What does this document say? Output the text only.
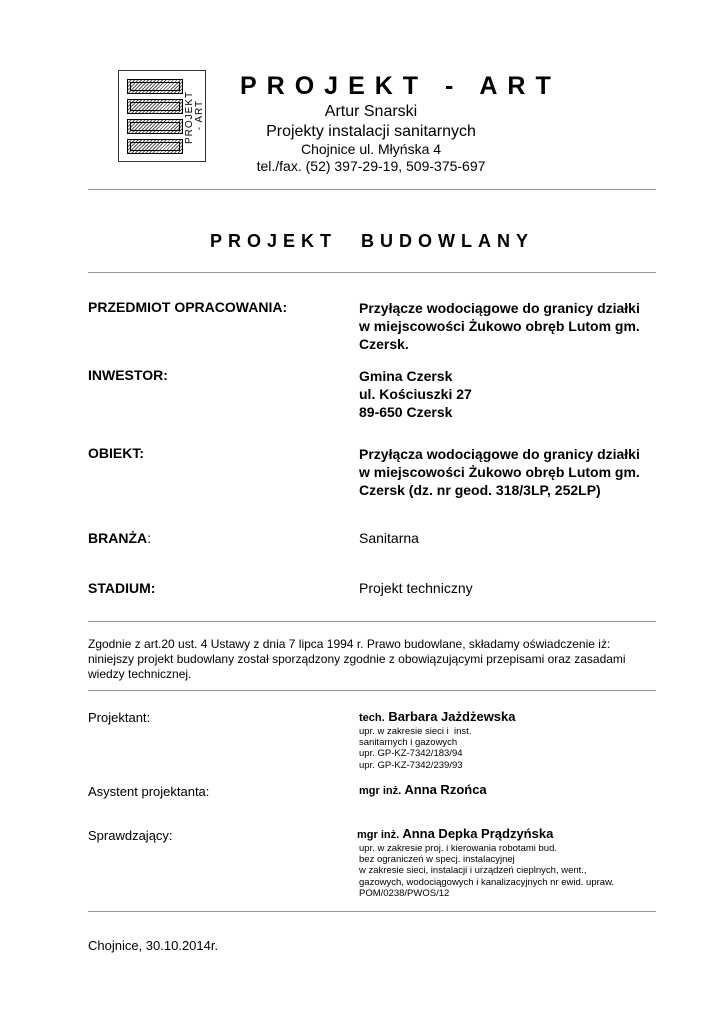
PROJEKT
- ART
PROJEKT - ART
Artur Snarski
Projekty instalacji sanitarnych
Chojnice ul. Młyńska 4
tel./fax. (52) 397-29-19, 509-375-697
PROJEKT BUDOWLANY
PRZEDMIOT OPRACOWANIA:	Przyłącze wodociągowe do granicy działki
w miejscowości Żukowo obręb Lutom gm.
Czersk.
INWESTOR:	Gmina Czersk
ul. Kościuszki 27
89-650 Czersk
OBIEKT:	Przyłącza wodociągowe do granicy działki
w miejscowości Żukowo obręb Lutom gm.
Czersk (dz. nr geod. 318/3LP, 252LP)
BRANŻA:	Sanitarna
STADIUM:	Projekt techniczny
Zgodnie z art.20 ust. 4 Ustawy z dnia 7 lipca 1994 r. Prawo budowlane, składamy oświadczenie iż: niniejszy projekt budowlany został sporządzony zgodnie z obowiązującymi przepisami oraz zasadami wiedzy technicznej.
Projektant:	tech. Barbara Jażdżewska
upr. w zakresie sieci i  inst.
sanitarnych i gazowych
upr. GP-KZ-7342/183/94
upr. GP-KZ-7342/239/93
Asystent projektanta:	mgr inż. Anna Rzońca
Sprawdzający:	mgr inż. Anna Depka Prądzyńska
upr. w zakresie proj. i kierowania robotami bud.
bez ograniczeń w specj. instalacyjnej
w zakresie sieci, instalacji i urządzeń cieplnych, went.,
gazowych, wodociągowych i kanalizacyjnych nr ewid. upraw.
POM/0238/PWOS/12
Chojnice, 30.10.2014r.
